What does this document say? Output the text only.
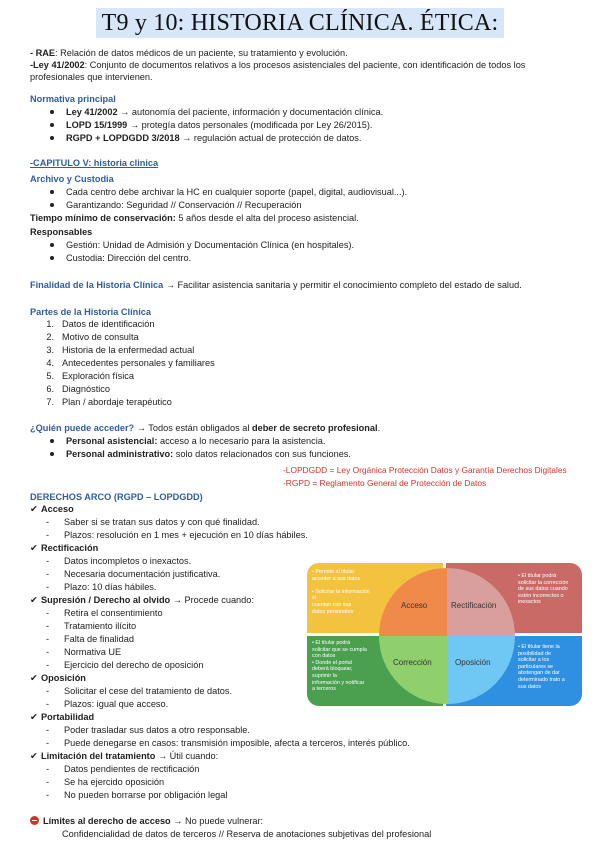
T9 y 10: HISTORIA CLÍNICA. ÉTICA:
- RAE: Relación de datos médicos de un paciente, su tratamiento y evolución.
-Ley 41/2002: Conjunto de documentos relativos a los procesos asistenciales del paciente, con identificación de todos los
profesionales que intervienen.
Normativa principal
Ley 41/2002 → autonomía del paciente, información y documentación clínica.
LOPD 15/1999 → protegía datos personales (modificada por Ley 26/2015).
RGPD + LOPDGDD 3/2018 → regulación actual de protección de datos.
-CAPITULO V: historia clinica
Archivo y Custodia
Cada centro debe archivar la HC en cualquier soporte (papel, digital, audiovisual...).
Garantizando: Seguridad // Conservación // Recuperación
Tiempo mínimo de conservación: 5 años desde el alta del proceso asistencial.
Responsables
Gestión: Unidad de Admisión y Documentación Clínica (en hospitales).
Custodia: Dirección del centro.
Finalidad de la Historia Clínica → Facilitar asistencia sanitaria y permitir el conocimiento completo del estado de salud.
Partes de la Historia Clínica
1. Datos de identificación
2. Motivo de consulta
3. Historia de la enfermedad actual
4. Antecedentes personales y familiares
5. Exploración física
6. Diagnóstico
7. Plan / abordaje terapéutico
¿Quién puede acceder? → Todos están obligados al deber de secreto profesional.
Personal asistencial: acceso a lo necesario para la asistencia.
Personal administrativo: solo datos relacionados con sus funciones.
-LOPDGDD = Ley Orgánica Protección Datos y Garantía Derechos Digitales
-RGPD = Reglamento General de Protección de Datos
DERECHOS ARCO (RGPD – LOPDGDD)
✔ Acceso
- Saber si se tratan sus datos y con qué finalidad.
- Plazos: resolución en 1 mes + ejecución en 10 días hábiles.
✔ Rectificación
- Datos incompletos o inexactos.
- Necesaria documentación justificativa.
- Plazo: 10 días hábiles.
✔ Supresión / Derecho al olvido → Procede cuando:
- Retira el consentimiento
- Tratamiento ilícito
- Falta de finalidad
- Normativa UE
- Ejercicio del derecho de oposición
✔ Oposición
- Solicitar el cese del tratamiento de datos.
- Plazos: igual que acceso.
✔ Portabilidad
- Poder trasladar sus datos a otro responsable.
- Puede denegarse en casos: transmisión imposible, afecta a terceros, interés público.
✔ Limitación del tratamiento → Útil cuando:
- Datos pendientes de rectificación
- Se ha ejercido oposición
- No pueden borrarse por obligación legal
Límites al derecho de acceso → No puede vulnerar:
Confidencialidad de datos de terceros // Reserva de anotaciones subjetivas del profesional
• Permite al titular
acceder a sus datos

• Solicitar la información si
cuentan con sus
datos personales
• El titular podrá
solicitar la corrección
de sus datos cuando
estén incorrectos o
inexactos
• El titular podrá
solicitar que se cumpla
con datos
• Donde el portal
deberá bloquear,
suprimir la
información y notificar
a terceros
• El titular tiene la
posibilidad de
solicitar a los
particulares se
abstengan de dar
determinado trato a
sus datos
Acceso	Rectificación
Corrección	Oposición
